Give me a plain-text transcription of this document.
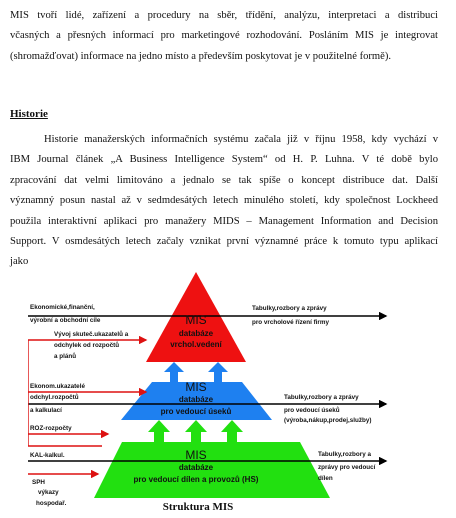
MIS tvoří lidé, zařízení a procedury na sběr, třídění, analýzu, interpretaci a distribuci
včasných a přesných informací pro marketingové rozhodování. Posláním MIS je integrovat
(shromažďovat) informace na jedno místo a především poskytovat je v použitelné formě).

Historie

Historie manažerských informačních systému začala již v říjnu 1958, kdy vychází v
IBM Journal článek „A Business Intelligence System“ od H. P. Luhna. V té době bylo
zpracování dat velmi limitováno a jednalo se tak spíše o koncept distribuce dat. Další
významný posun nastal až v sedmdesátých letech minulého století, kdy společnost Lockheed
použila interaktivní aplikaci pro manažery MIDS – Management Information and Decision
Support. V osmdesátých letech začaly vznikat první významné práce k tomuto typu aplikací
jako

MIS
databáze
vrchol.vedení
MIS
databáze
pro vedoucí úseků
MIS
databáze
pro vedoucí dílen a provozů (HS)
Struktura MIS
Ekonomické,finanční,
výrobní a obchodní cíle
Vývoj skuteč.ukazatelů a
odchylek od rozpočtů
a plánů
Ekonom.ukazatelé
odchyl.rozpočtů
a kalkulací
ROZ-rozpočty
KAL-kalkul.
SPH
výkazy
hospodař.
Tabulky,rozbory a zprávy
pro vrcholové řízení firmy
Tabulky,rozbory a zprávy
pro vedoucí úseků
(výroba,nákup,prodej,služby)
Tabulky,rozbory a
zprávy pro vedoucí
dílen
